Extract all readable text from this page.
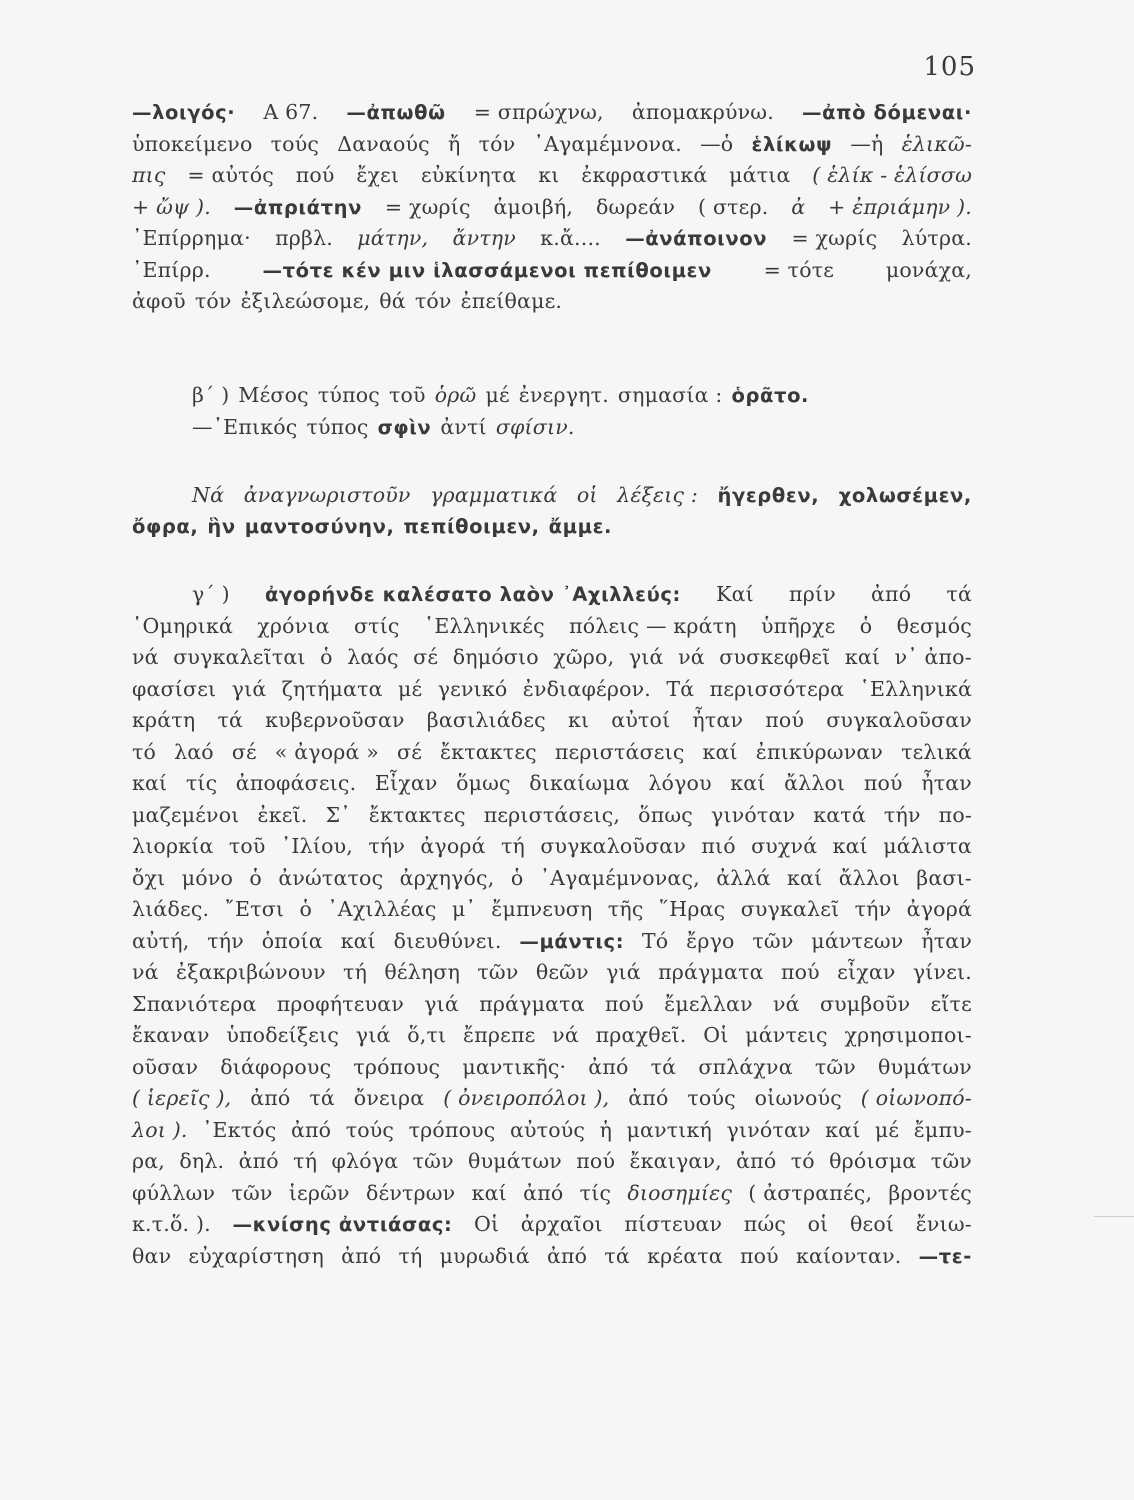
105
—λοιγός· Α 67. —ἀπωθῶ = σπρώχνω, ἀπομακρύνω. —ἀπὸ δόμεναι·
ὑποκείμενο τούς Δαναούς ἤ τόν ᾿Αγαμέμνονα. —ὁ ἑλίκωψ —ἡ ἑλικῶ-
πις = αὐτός πού ἔχει εὐκίνητα κι ἐκφραστικά μάτια ( ἑλίκ - ἑλίσσω
+ ὤψ ). —ἀπριάτην = χωρίς ἀμοιβή, δωρεάν ( στερ. ἀ + ἐπριάμην ).
᾿Επίρρημα· πρβλ. μάτην, ἄντην κ.ἄ.... —ἀνάποινον = χωρίς λύτρα.
᾿Επίρρ.	—τότε κέν μιν ἱλασσάμενοι πεπίθοιμεν	= τότε	μονάχα,
ἀφοῦ τόν ἐξιλεώσομε, θά τόν ἐπείθαμε.
β΄ ) Μέσος τύπος τοῦ ὁρῶ μέ ἐνεργητ. σημασία : ὁρᾶτο.
—᾿Επικός τύπος σφὶν ἀντί σφίσιν.
Νά ἀναγνωριστοῦν γραμματικά οἱ λέξεις : ἤγερθεν, χολωσέμεν,
ὄφρα, ἣν μαντοσύνην, πεπίθοιμεν, ἄμμε.
γ΄ ) ἀγορήνδε καλέσατο λαὸν ᾿Αχιλλεύς: Καί πρίν ἀπό τά
῾Ομηρικά χρόνια στίς ῾Ελληνικές πόλεις — κράτη ὑπῆρχε ὁ θεσμός
νά συγκαλεῖται ὁ λαός σέ δημόσιο χῶρο, γιά νά συσκεφθεῖ καί ν᾿ ἀπο-
φασίσει γιά ζητήματα μέ γενικό ἐνδιαφέρον. Τά περισσότερα ῾Ελληνικά
κράτη τά κυβερνοῦσαν βασιλιάδες κι αὐτοί ἦταν πού συγκαλοῦσαν
τό λαό σέ « ἀγορά » σέ ἔκτακτες περιστάσεις καί ἐπικύρωναν τελικά
καί τίς ἀποφάσεις. Εἶχαν ὅμως δικαίωμα λόγου καί ἄλλοι πού ἦταν
μαζεμένοι ἐκεῖ. Σ᾿ ἔκτακτες περιστάσεις, ὅπως γινόταν κατά τήν πο-
λιορκία τοῦ ᾿Ιλίου, τήν ἀγορά τή συγκαλοῦσαν πιό συχνά καί μάλιστα
ὄχι μόνο ὁ ἀνώτατος ἀρχηγός, ὁ ᾿Αγαμέμνονας, ἀλλά καί ἄλλοι βασι-
λιάδες. ῎Ετσι ὁ ᾿Αχιλλέας μ᾿ ἔμπνευση τῆς ῞Ηρας συγκαλεῖ τήν ἀγορά
αὐτή, τήν ὁποία καί διευθύνει. —μάντις: Τό ἔργο τῶν μάντεων ἦταν
νά ἐξακριβώνουν τή θέληση τῶν θεῶν γιά πράγματα πού εἶχαν γίνει.
Σπανιότερα προφήτευαν γιά πράγματα πού ἔμελλαν νά συμβοῦν εἴτε
ἔκαναν ὑποδείξεις γιά ὅ,τι ἔπρεπε νά πραχθεῖ. Οἱ μάντεις χρησιμοποι-
οῦσαν διάφορους τρόπους μαντικῆς· ἀπό τά σπλάχνα τῶν θυμάτων
( ἱερεῖς ), ἀπό τά ὄνειρα ( ὀνειροπόλοι ), ἀπό τούς οἰωνούς ( οἰωνοπό-
λοι ). ᾿Εκτός ἀπό τούς τρόπους αὐτούς ἡ μαντική γινόταν καί μέ ἔμπυ-
ρα, δηλ. ἀπό τή φλόγα τῶν θυμάτων πού ἔκαιγαν, ἀπό τό θρόισμα τῶν
φύλλων τῶν ἱερῶν δέντρων καί ἀπό τίς διοσημίες ( ἀστραπές, βροντές
κ.τ.ὅ. ). —κνίσης ἀντιάσας: Οἱ ἀρχαῖοι πίστευαν πώς οἱ θεοί ἔνιω-
θαν εὐχαρίστηση ἀπό τή μυρωδιά ἀπό τά κρέατα πού καίονταν. —τε-
